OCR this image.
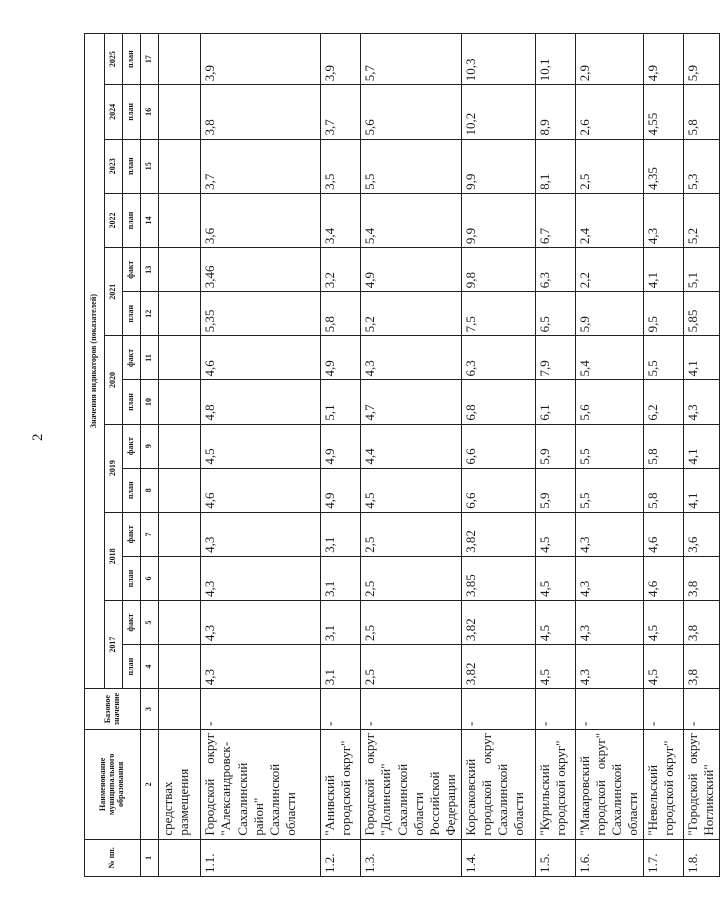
2
№ пп.	Наименование муниципального образования	Базовое значение	Значения индикаторов (показателей)													
			2017		2018		2019		2020		2021		2022	2023	2024	2025
			план	факт	план	факт	план	факт	план	факт	план	факт	план	план	план	план
1	2	3	4	5	6	7	8	9	10	11	12	13	14	15	16	17
	средствах размещения															
1.1.	Городской округ "Александровск-Сахалинский район" Сахалинской области	-	4,3	4,3	4,3	4,3	4,6	4,5	4,8	4,6	5,35	3,46	3,6	3,7	3,8	3,9
1.2.	"Анивский городской округ"	-	3,1	3,1	3,1	3,1	4,9	4,9	5,1	4,9	5,8	3,2	3,4	3,5	3,7	3,9
1.3.	Городской округ "Долинский" Сахалинской области Российской Федерации	-	2,5	2,5	2,5	2,5	4,5	4,4	4,7	4,3	5,2	4,9	5,4	5,5	5,6	5,7
1.4.	Корсаковский городской округ Сахалинской области	-	3,82	3,82	3,85	3,82	6,6	6,6	6,8	6,3	7,5	9,8	9,9	9,9	10,2	10,3
1.5.	"Курильский городской округ"	-	4,5	4,5	4,5	4,5	5,9	5,9	6,1	7,9	6,5	6,3	6,7	8,1	8,9	10,1
1.6.	"Макаровский городской округ" Сахалинской области	-	4,3	4,3	4,3	4,3	5,5	5,5	5,6	5,4	5,9	2,2	2,4	2,5	2,6	2,9
1.7.	"Невельский городской округ"	-	4,5	4,5	4,6	4,6	5,8	5,8	6,2	5,5	9,5	4,1	4,3	4,35	4,55	4,9
1.8.	"Городской округ Ногликский"	-	3,8	3,8	3,8	3,6	4,1	4,1	4,3	4,1	5,85	5,1	5,2	5,3	5,8	5,9
